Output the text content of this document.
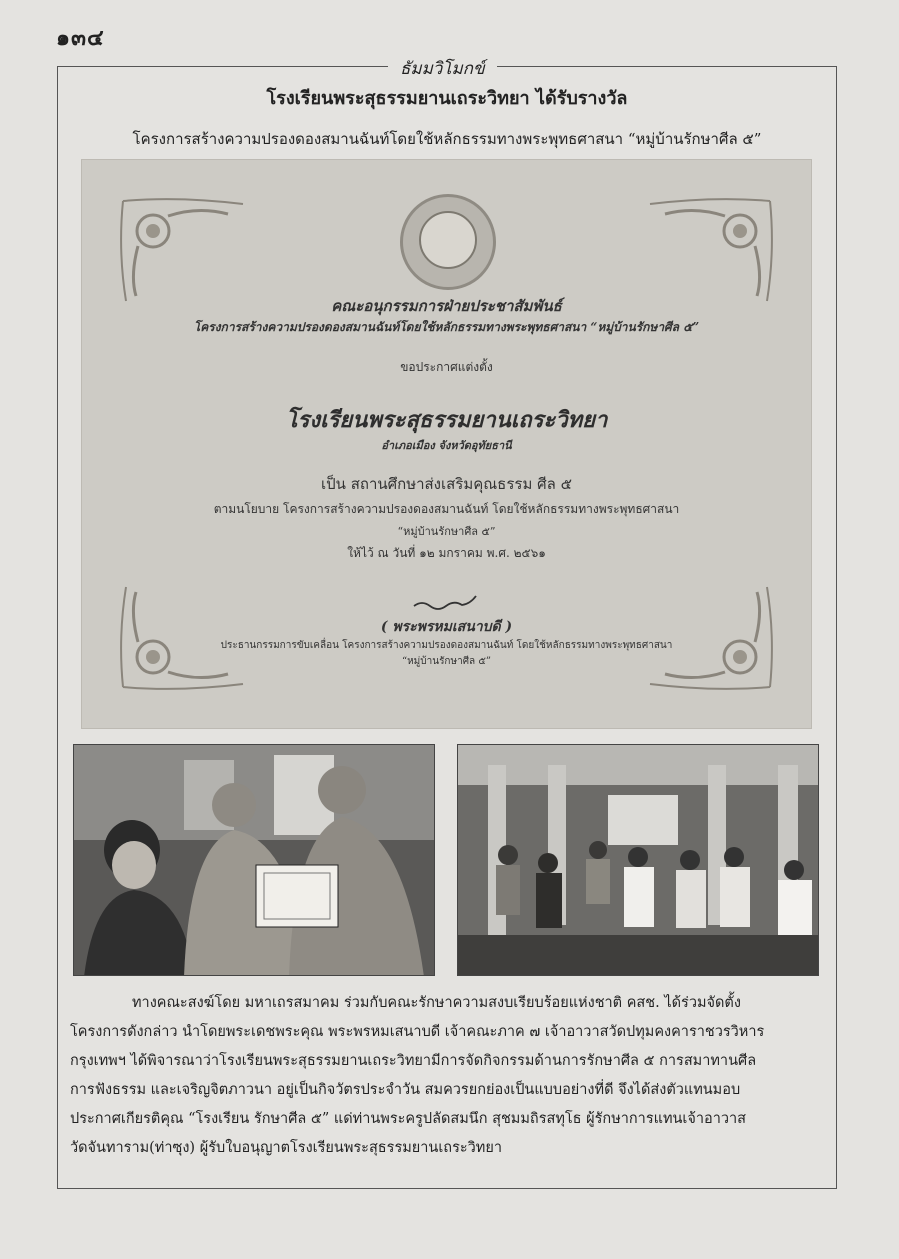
๑๓๔
ธัมมวิโมกข์
โรงเรียนพระสุธรรมยานเถระวิทยา ได้รับรางวัล
โครงการสร้างความปรองดองสมานฉันท์โดยใช้หลักธรรมทางพระพุทธศาสนา “หมู่บ้านรักษาศีล ๕”
คณะอนุกรรมการฝ่ายประชาสัมพันธ์
โครงการสร้างความปรองดองสมานฉันท์โดยใช้หลักธรรมทางพระพุทธศาสนา “หมู่บ้านรักษาศีล ๕”
ขอประกาศแต่งตั้ง
โรงเรียนพระสุธรรมยานเถระวิทยา
อำเภอเมือง จังหวัดอุทัยธานี
เป็น สถานศึกษาส่งเสริมคุณธรรม ศีล ๕
ตามนโยบาย โครงการสร้างความปรองดองสมานฉันท์ โดยใช้หลักธรรมทางพระพุทธศาสนา
“หมู่บ้านรักษาศีล ๕”
ให้ไว้ ณ วันที่ ๑๒ มกราคม พ.ศ. ๒๕๖๑
( พระพรหมเสนาบดี )
ประธานกรรมการขับเคลื่อน โครงการสร้างความปรองดองสมานฉันท์ โดยใช้หลักธรรมทางพระพุทธศาสนา
“หมู่บ้านรักษาศีล ๕”
ทางคณะสงฆ์โดย มหาเถรสมาคม ร่วมกับคณะรักษาความสงบเรียบร้อยแห่งชาติ คสช. ได้ร่วมจัดตั้ง
โครงการดังกล่าว นำโดยพระเดชพระคุณ พระพรหมเสนาบดี เจ้าคณะภาค ๗ เจ้าอาวาสวัดปทุมคงคาราชวรวิหาร
กรุงเทพฯ ได้พิจารณาว่าโรงเรียนพระสุธรรมยานเถระวิทยามีการจัดกิจกรรมด้านการรักษาศีล ๕ การสมาทานศีล
การฟังธรรม และเจริญจิตภาวนา อยู่เป็นกิจวัตรประจำวัน สมควรยกย่องเป็นแบบอย่างที่ดี จึงได้ส่งตัวแทนมอบ
ประกาศเกียรติคุณ “โรงเรียน รักษาศีล ๕” แด่ท่านพระครูปลัดสมนึก สุชมมถิรสทุโธ ผู้รักษาการแทนเจ้าอาวาส
วัดจันทาราม(ท่าซุง) ผู้รับใบอนุญาตโรงเรียนพระสุธรรมยานเถระวิทยา
